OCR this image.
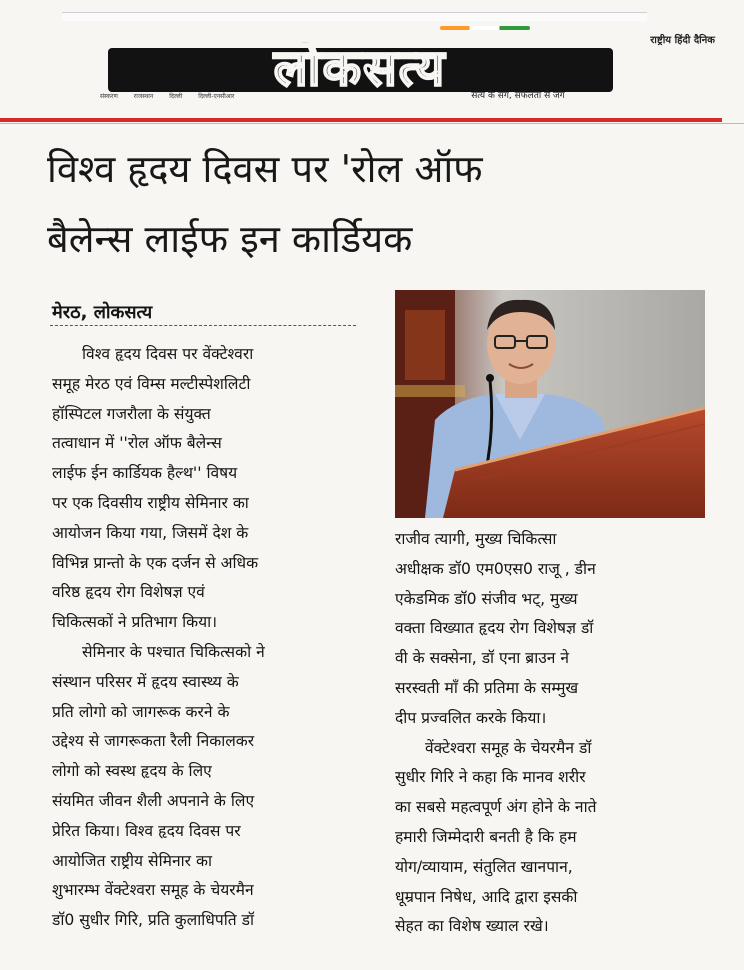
राष्ट्रीय हिंदी दैनिक
लोकसत्य
संस्करण	राजस्थान	दिल्ली	दिल्ली-एनसीआर	सत्य के संग, सफलता से जंग
विश्व हृदय दिवस पर 'रोल ऑफ
बैलेन्स लाईफ इन कार्डियक
मेरठ, लोकसत्य

विश्व हृदय दिवस पर वेंक्टेश्वरा

समूह मेरठ एवं विम्स मल्टीस्पेशलिटी

हॉस्पिटल गजरौला के संयुक्त

तत्वाधान में ''रोल ऑफ बैलेन्स

लाईफ ईन कार्डियक हैल्थ'' विषय

पर एक दिवसीय राष्ट्रीय सेमिनार का

आयोजन किया गया, जिसमें देश के

विभिन्न प्रान्तो के एक दर्जन से अधिक

वरिष्ठ हृदय रोग विशेषज्ञ एवं

चिकित्सकों ने प्रतिभाग किया।

सेमिनार के पश्चात चिकित्सको ने

संस्थान परिसर में हृदय स्वास्थ्य के

प्रति लोगो को जागरूक करने के

उद्देश्य से जागरूकता रैली निकालकर

लोगो को स्वस्थ हृदय के लिए

संयमित जीवन शैली अपनाने के लिए

प्रेरित किया। विश्व हृदय दिवस पर

आयोजित राष्ट्रीय सेमिनार का

शुभारम्भ वेंक्टेश्वरा समूह के चेयरमैन

डॉ0 सुधीर गिरि, प्रति कुलाधिपति डॉ

राजीव त्यागी, मुख्य चिकित्सा

अधीक्षक डॉ0 एम0एस0 राजू , डीन

एकेडमिक डॉ0 संजीव भट्, मुख्य

वक्ता विख्यात हृदय रोग विशेषज्ञ डॉ

वी के सक्सेना, डॉ एना ब्राउन ने

सरस्वती माँ की प्रतिमा के सम्मुख

दीप प्रज्वलित करके किया।

वेंक्टेश्वरा समूह के चेयरमैन डॉ

सुधीर गिरि ने कहा कि मानव शरीर

का सबसे महत्वपूर्ण अंग होने के नाते

हमारी जिम्मेदारी बनती है कि हम

योग/व्यायाम, संतुलित खानपान,

धूम्रपान निषेध, आदि द्वारा इसकी

सेहत का विशेष ख्याल रखे।
